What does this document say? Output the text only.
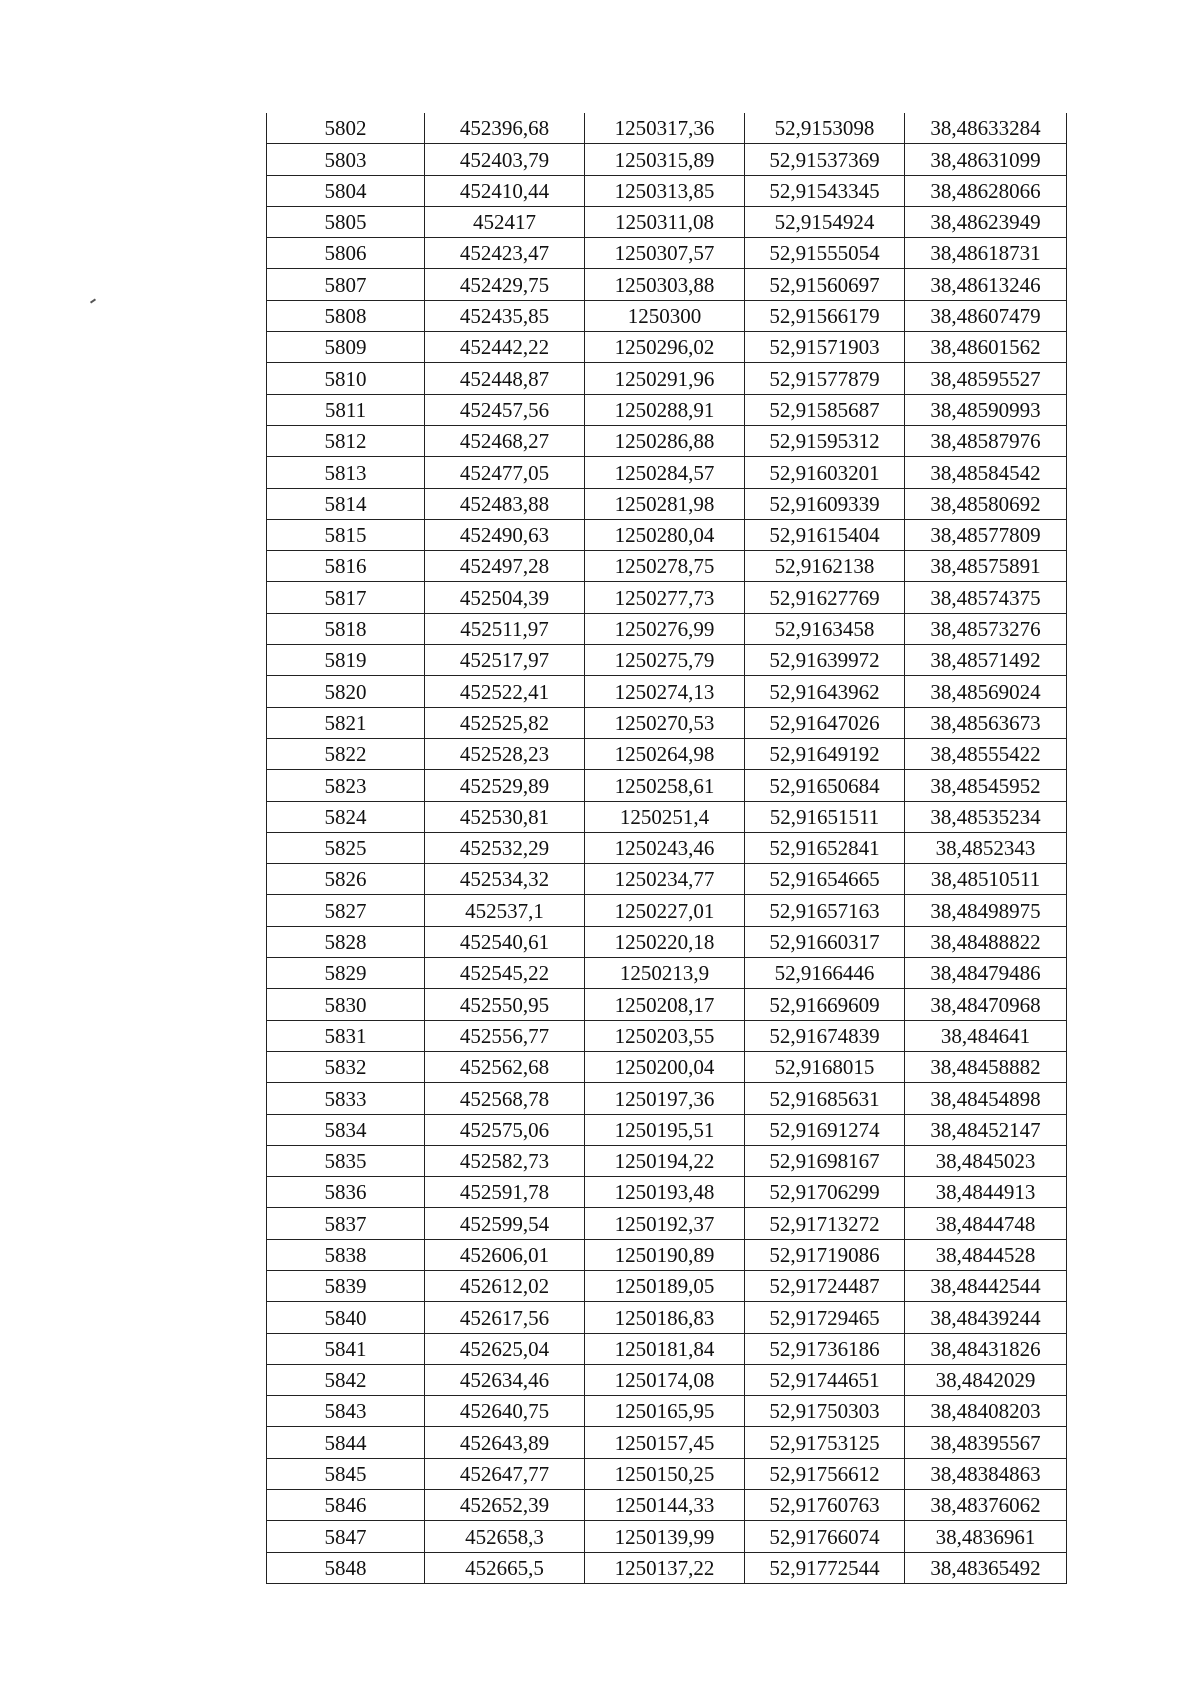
5802	452396,68	1250317,36	52,9153098	38,48633284
5803	452403,79	1250315,89	52,91537369	38,48631099
5804	452410,44	1250313,85	52,91543345	38,48628066
5805	452417	1250311,08	52,9154924	38,48623949
5806	452423,47	1250307,57	52,91555054	38,48618731
5807	452429,75	1250303,88	52,91560697	38,48613246
5808	452435,85	1250300	52,91566179	38,48607479
5809	452442,22	1250296,02	52,91571903	38,48601562
5810	452448,87	1250291,96	52,91577879	38,48595527
5811	452457,56	1250288,91	52,91585687	38,48590993
5812	452468,27	1250286,88	52,91595312	38,48587976
5813	452477,05	1250284,57	52,91603201	38,48584542
5814	452483,88	1250281,98	52,91609339	38,48580692
5815	452490,63	1250280,04	52,91615404	38,48577809
5816	452497,28	1250278,75	52,9162138	38,48575891
5817	452504,39	1250277,73	52,91627769	38,48574375
5818	452511,97	1250276,99	52,9163458	38,48573276
5819	452517,97	1250275,79	52,91639972	38,48571492
5820	452522,41	1250274,13	52,91643962	38,48569024
5821	452525,82	1250270,53	52,91647026	38,48563673
5822	452528,23	1250264,98	52,91649192	38,48555422
5823	452529,89	1250258,61	52,91650684	38,48545952
5824	452530,81	1250251,4	52,91651511	38,48535234
5825	452532,29	1250243,46	52,91652841	38,4852343
5826	452534,32	1250234,77	52,91654665	38,48510511
5827	452537,1	1250227,01	52,91657163	38,48498975
5828	452540,61	1250220,18	52,91660317	38,48488822
5829	452545,22	1250213,9	52,9166446	38,48479486
5830	452550,95	1250208,17	52,91669609	38,48470968
5831	452556,77	1250203,55	52,91674839	38,484641
5832	452562,68	1250200,04	52,9168015	38,48458882
5833	452568,78	1250197,36	52,91685631	38,48454898
5834	452575,06	1250195,51	52,91691274	38,48452147
5835	452582,73	1250194,22	52,91698167	38,4845023
5836	452591,78	1250193,48	52,91706299	38,4844913
5837	452599,54	1250192,37	52,91713272	38,4844748
5838	452606,01	1250190,89	52,91719086	38,4844528
5839	452612,02	1250189,05	52,91724487	38,48442544
5840	452617,56	1250186,83	52,91729465	38,48439244
5841	452625,04	1250181,84	52,91736186	38,48431826
5842	452634,46	1250174,08	52,91744651	38,4842029
5843	452640,75	1250165,95	52,91750303	38,48408203
5844	452643,89	1250157,45	52,91753125	38,48395567
5845	452647,77	1250150,25	52,91756612	38,48384863
5846	452652,39	1250144,33	52,91760763	38,48376062
5847	452658,3	1250139,99	52,91766074	38,4836961
5848	452665,5	1250137,22	52,91772544	38,48365492
